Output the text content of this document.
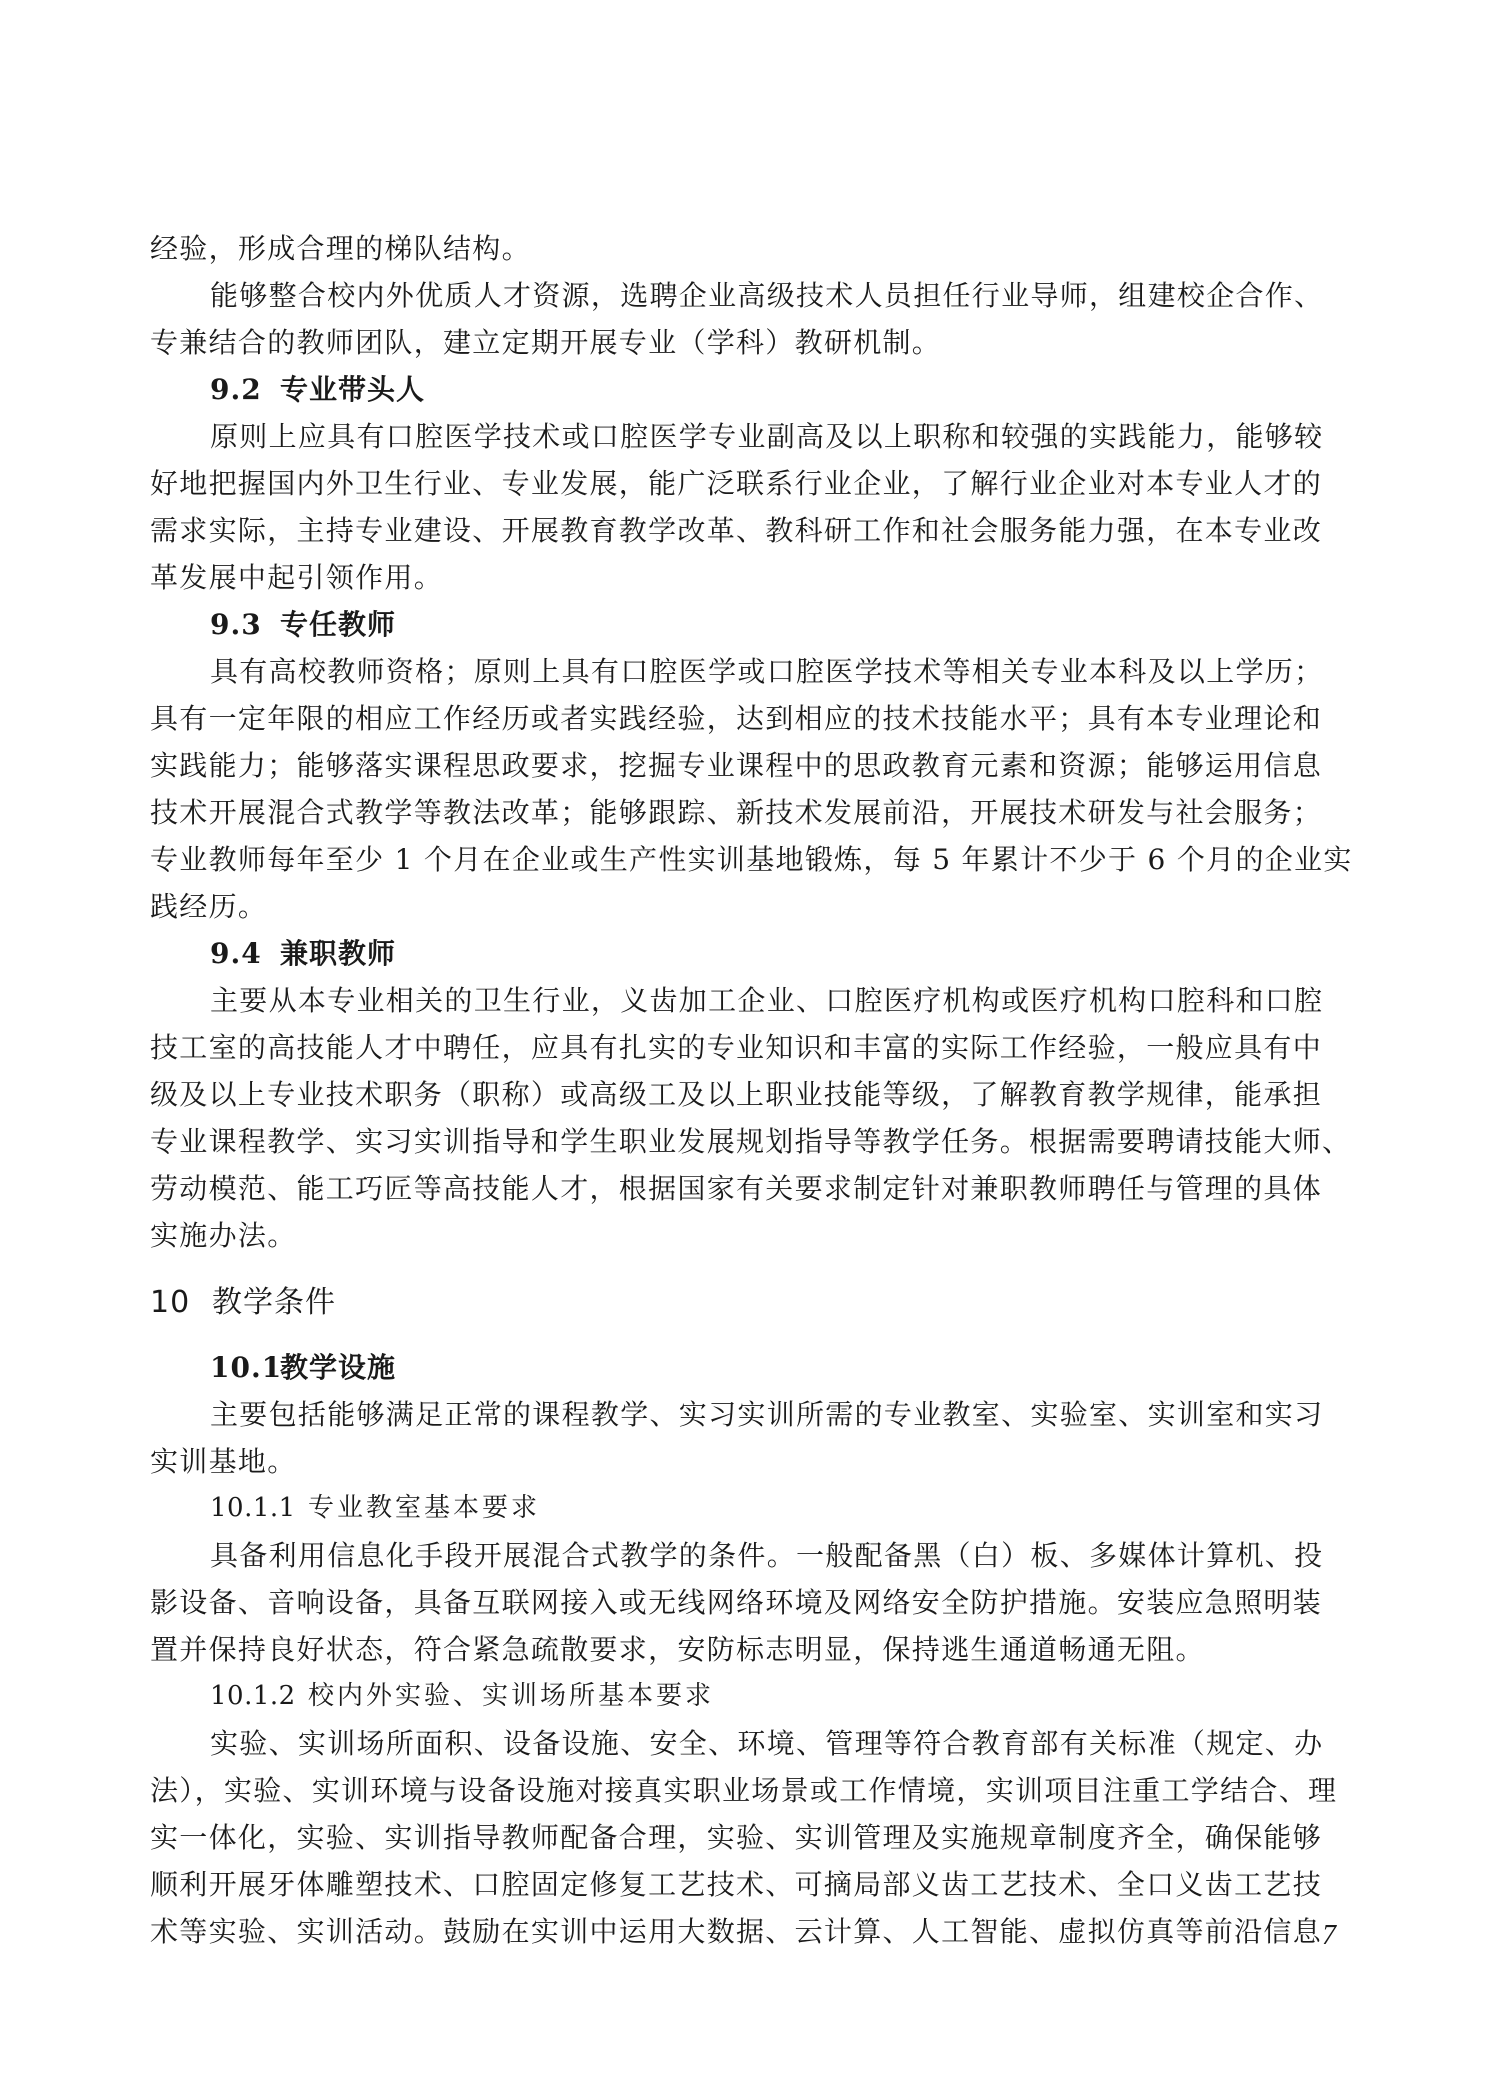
经验，形成合理的梯队结构。
能够整合校内外优质人才资源，选聘企业高级技术人员担任行业导师，组建校企合作、
专兼结合的教师团队，建立定期开展专业（学科）教研机制。
9.2 专业带头人
原则上应具有口腔医学技术或口腔医学专业副高及以上职称和较强的实践能力，能够较
好地把握国内外卫生行业、专业发展，能广泛联系行业企业，了解行业企业对本专业人才的
需求实际，主持专业建设、开展教育教学改革、教科研工作和社会服务能力强，在本专业改
革发展中起引领作用。
9.3 专任教师
具有高校教师资格；原则上具有口腔医学或口腔医学技术等相关专业本科及以上学历；
具有一定年限的相应工作经历或者实践经验，达到相应的技术技能水平；具有本专业理论和
实践能力；能够落实课程思政要求，挖掘专业课程中的思政教育元素和资源；能够运用信息
技术开展混合式教学等教法改革；能够跟踪、新技术发展前沿，开展技术研发与社会服务；
专业教师每年至少 1 个月在企业或生产性实训基地锻炼，每 5 年累计不少于 6 个月的企业实
践经历。
9.4 兼职教师
主要从本专业相关的卫生行业，义齿加工企业、口腔医疗机构或医疗机构口腔科和口腔
技工室的高技能人才中聘任，应具有扎实的专业知识和丰富的实际工作经验，一般应具有中
级及以上专业技术职务（职称）或高级工及以上职业技能等级，了解教育教学规律，能承担
专业课程教学、实习实训指导和学生职业发展规划指导等教学任务。根据需要聘请技能大师、
劳动模范、能工巧匠等高技能人才，根据国家有关要求制定针对兼职教师聘任与管理的具体
实施办法。
10 教学条件
10.1教学设施
主要包括能够满足正常的课程教学、实习实训所需的专业教室、实验室、实训室和实习
实训基地。
10.1.1 专业教室基本要求
具备利用信息化手段开展混合式教学的条件。一般配备黑（白）板、多媒体计算机、投
影设备、音响设备，具备互联网接入或无线网络环境及网络安全防护措施。安装应急照明装
置并保持良好状态，符合紧急疏散要求，安防标志明显，保持逃生通道畅通无阻。
10.1.2 校内外实验、实训场所基本要求
实验、实训场所面积、设备设施、安全、环境、管理等符合教育部有关标准（规定、办
法），实验、实训环境与设备设施对接真实职业场景或工作情境，实训项目注重工学结合、理
实一体化，实验、实训指导教师配备合理，实验、实训管理及实施规章制度齐全，确保能够
顺利开展牙体雕塑技术、口腔固定修复工艺技术、可摘局部义齿工艺技术、全口义齿工艺技
术等实验、实训活动。鼓励在实训中运用大数据、云计算、人工智能、虚拟仿真等前沿信息 7
